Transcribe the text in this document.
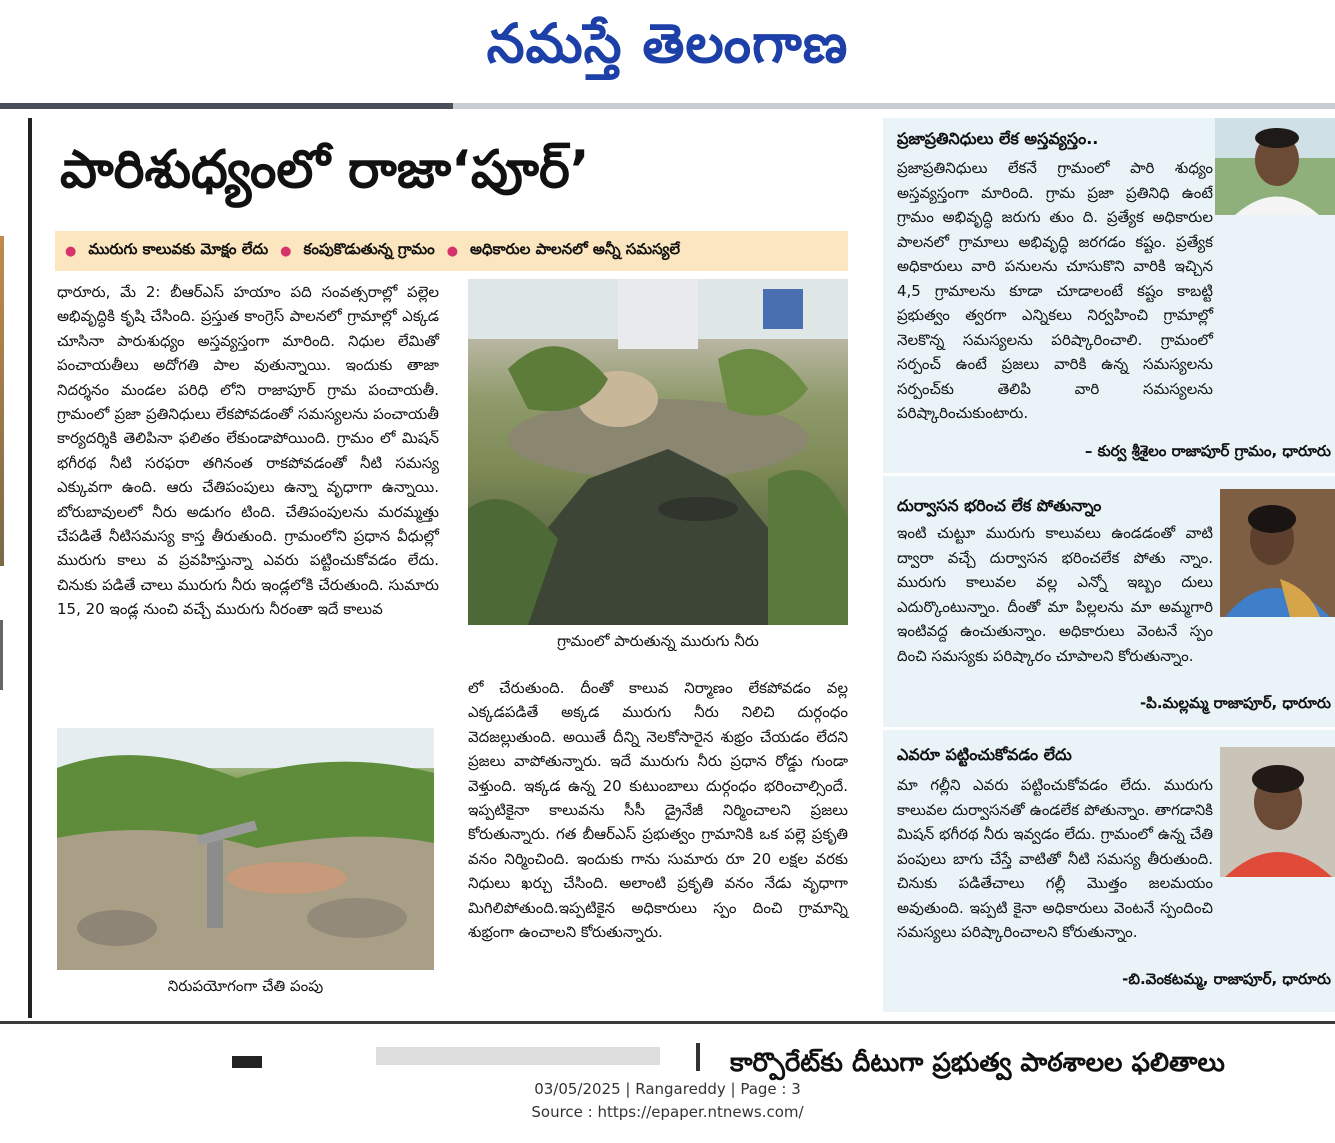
నమస్తే తెలంగాణ
పారిశుధ్యంలో రాజా‘పూర్’
● మురుగు కాలువకు మోక్షం లేదు ● కంపుకొడుతున్న గ్రామం ● అధికారుల పాలనలో అన్నీ సమస్యలే

ధారూరు, మే 2: బీఆర్ఎస్ హయాం పది సంవత్సరాల్లో పల్లెల అభివృద్ధికి కృషి చేసింది. ప్రస్తుత కాంగ్రెస్ పాలనలో గ్రామాల్లో ఎక్కడ చూసినా పారుశుధ్యం అస్తవ్యస్తంగా మారింది. నిధుల లేమితో పంచాయతీలు అదోగతి పాల వుతున్నాయి. ఇందుకు తాజా నిదర్శనం మండల పరిధి లోని రాజాపూర్ గ్రామ పంచాయతీ. గ్రామంలో ప్రజా ప్రతినిధులు లేకపోవడంతో సమస్యలను పంచాయతీ కార్యదర్శికి తెలిపినా ఫలితం లేకుండాపోయింది. గ్రామం లో మిషన్ భగీరథ నీటి సరఫరా తగినంత రాకపోవడంతో నీటి సమస్య ఎక్కువగా ఉంది. ఆరు చేతిపంపులు ఉన్నా వృధాగా ఉన్నాయి. బోరుబావులలో నీరు అడుగం టింది. చేతిపంపులను మరమ్మత్తు చేపడితే నీటిసమస్య కాస్త తీరుతుంది. గ్రామంలోని ప్రధాన వీధుల్లో మురుగు కాలు వ ప్రవహిస్తున్నా ఎవరు పట్టించుకోవడం లేదు. చినుకు పడితే చాలు మురుగు నీరు ఇండ్లలోకి చేరుతుంది. సుమారు 15, 20 ఇండ్ల నుంచి వచ్చే మురుగు నీరంతా ఇదే కాలువ

గ్రామంలో పారుతున్న మురుగు నీరు

లో చేరుతుంది. దీంతో కాలువ నిర్మాణం లేకపోవడం వల్ల ఎక్కడపడితే అక్కడ మురుగు నీరు నిలిచి దుర్గంధం వెదజల్లుతుంది. అయితే దీన్ని నెలకోసారైన శుభ్రం చేయడం లేదని ప్రజలు వాపోతున్నారు. ఇదే మురుగు నీరు ప్రధాన రోడ్డు గుండా వెళ్తుంది. ఇక్కడ ఉన్న 20 కుటుంబాలు దుర్గంధం భరించాల్సిందే. ఇప్పటికైనా కాలువను సీసీ డ్రైనేజీ నిర్మించాలని ప్రజలు కోరుతున్నారు. గత బీఆర్ఎస్ ప్రభుత్వం గ్రామానికి ఒక పల్లె ప్రకృతి వనం నిర్మించింది. ఇందుకు గాను సుమారు రూ 20 లక్షల వరకు నిధులు ఖర్చు చేసింది. అలాంటి ప్రకృతి వనం నేడు వృధాగా మిగిలిపోతుంది.ఇప్పటికైన అధికారులు స్పం దించి గ్రామాన్ని శుభ్రంగా ఉంచాలని కోరుతున్నారు.

నిరుపయోగంగా చేతి పంపు
ప్రజాప్రతినిధులు లేక అస్తవ్యస్తం..
ప్రజాప్రతినిధులు లేకనే గ్రామంలో పారి శుధ్యం అస్తవ్యస్తంగా మారింది. గ్రామ ప్రజా ప్రతినిధి ఉంటే గ్రామం అభివృద్ధి జరుగు తుం ది. ప్రత్యేక అధికారుల పాలనలో గ్రామాలు అభివృద్ధి జరగడం కష్టం. ప్రత్యేక అధికారులు వారి పనులను చూసుకొని వారికి ఇచ్చిన 4,5 గ్రామాలను కూడా చూడాలంటే కష్టం కాబట్టి ప్రభుత్వం త్వరగా ఎన్నికలు నిర్వహించి గ్రామాల్లో నెలకొన్న సమస్యలను పరిష్కారించాలి. గ్రామంలో సర్పంచ్ ఉంటే ప్రజలు వారికి ఉన్న సమస్యలను సర్పంచ్‌కు తెలిపి వారి సమస్యలను పరిష్కారించుకుంటారు.
– కుర్వ శ్రీశైలం రాజాపూర్ గ్రామం, ధారూరు
దుర్వాసన భరించ లేక పోతున్నాం
ఇంటి చుట్టూ మురుగు కాలువలు ఉండడంతో వాటి ద్వారా వచ్చే దుర్వాసన భరించలేక పోతు న్నాం. మురుగు కాలువల వల్ల ఎన్నో ఇబ్బం దులు ఎదుర్కొంటున్నాం. దీంతో మా పిల్లలను మా అమ్మగారి ఇంటివద్ద ఉంచుతున్నాం. అధికారులు వెంటనే స్పం దించి సమస్యకు పరిష్కారం చూపాలని కోరుతున్నాం.
-పి.మల్లమ్మ రాజాపూర్, ధారూరు
ఎవరూ పట్టించుకోవడం లేదు
మా గల్లీని ఎవరు పట్టించుకోవడం లేదు. మురుగు కాలువల దుర్వాసనతో ఉండలేక పోతున్నాం. తాగడానికి మిషన్ భగీరథ నీరు ఇవ్వడం లేదు. గ్రామంలో ఉన్న చేతి పంపులు బాగు చేస్తే వాటితో నీటి సమస్య తీరుతుంది. చినుకు పడితేచాలు గల్లీ మొత్తం జలమయం అవుతుంది. ఇప్పటి కైనా అధికారులు వెంటనే స్పందించి సమస్యలు పరిష్కారించాలని కోరుతున్నాం.
-బి.వెంకటమ్మ, రాజాపూర్, ధారూరు
కార్పొరేట్‌కు దీటుగా ప్రభుత్వ పాఠశాలల ఫలితాలు
03/05/2025 | Rangareddy | Page : 3
Source : https://epaper.ntnews.com/
